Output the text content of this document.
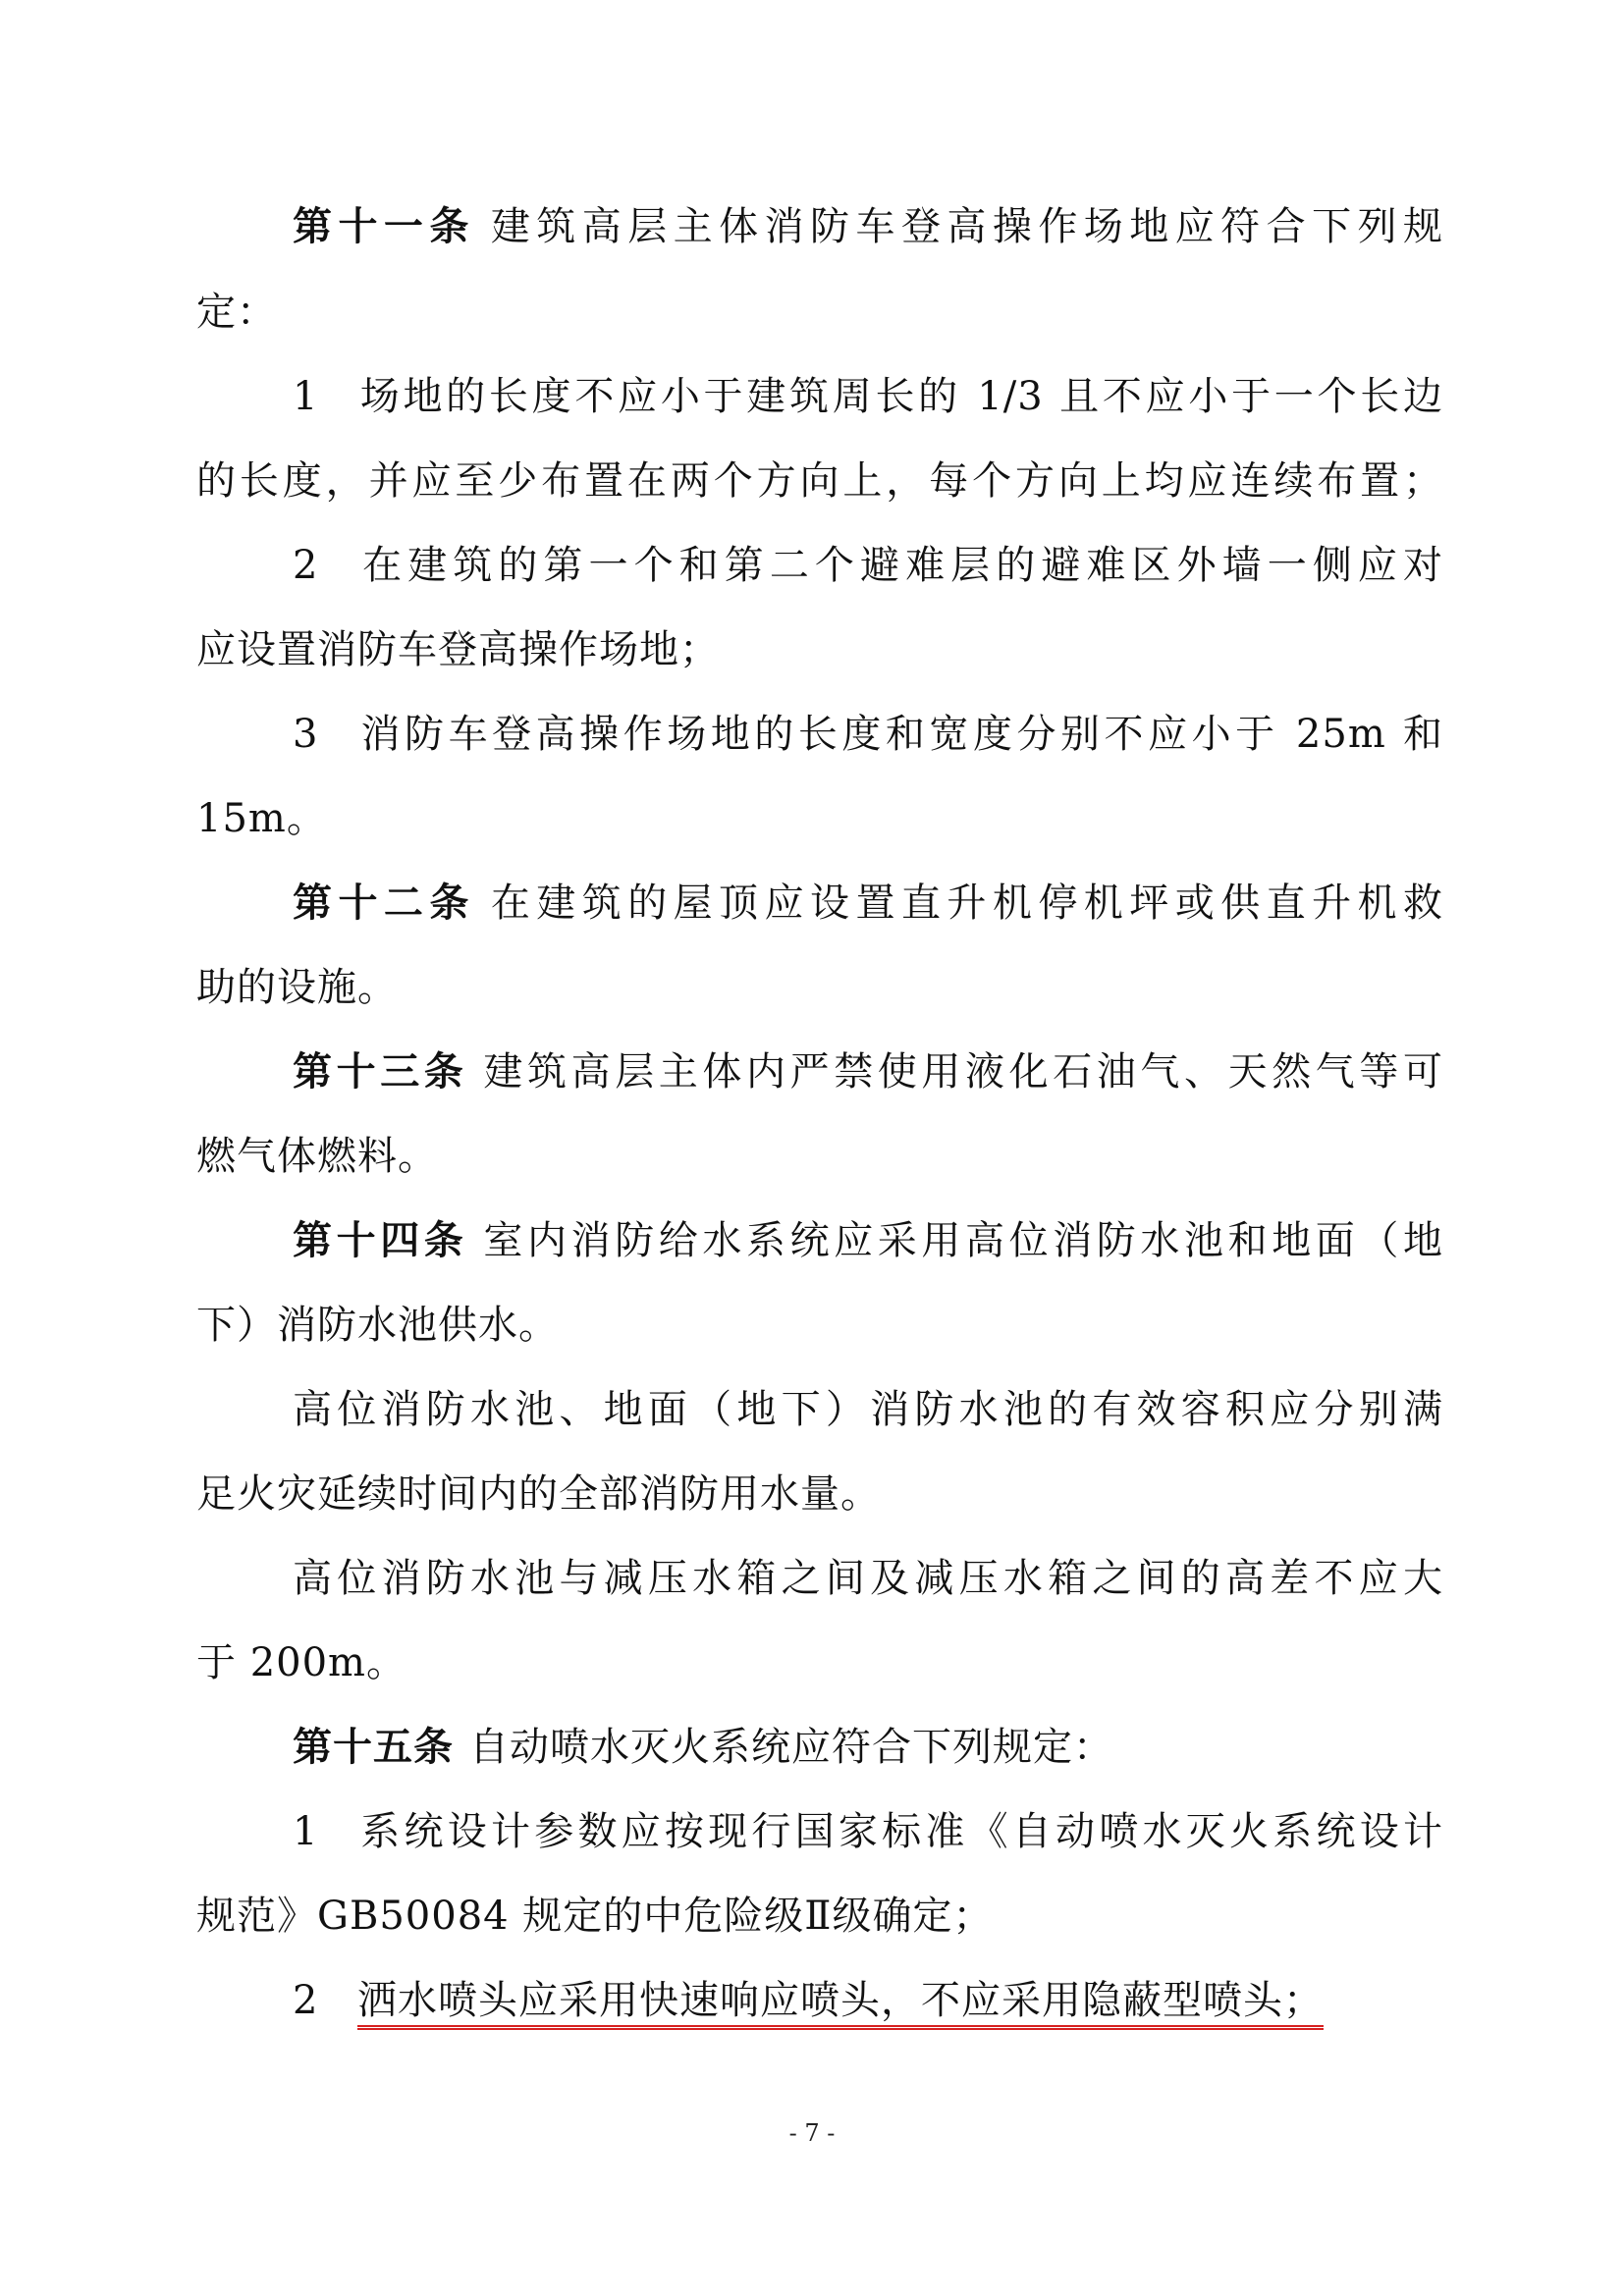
第十一条 建筑高层主体消防车登高操作场地应符合下列规
定：
1 场地的长度不应小于建筑周长的 1/3 且不应小于一个长边
的长度，并应至少布置在两个方向上，每个方向上均应连续布置；
2 在建筑的第一个和第二个避难层的避难区外墙一侧应对
应设置消防车登高操作场地；
3 消防车登高操作场地的长度和宽度分别不应小于 25m 和
15m。
第十二条 在建筑的屋顶应设置直升机停机坪或供直升机救
助的设施。
第十三条 建筑高层主体内严禁使用液化石油气、天然气等可
燃气体燃料。
第十四条 室内消防给水系统应采用高位消防水池和地面（地
下）消防水池供水。
高位消防水池、地面（地下）消防水池的有效容积应分别满
足火灾延续时间内的全部消防用水量。
高位消防水池与减压水箱之间及减压水箱之间的高差不应大
于 200m。
第十五条 自动喷水灭火系统应符合下列规定：
1 系统设计参数应按现行国家标准《自动喷水灭火系统设计
规范》GB50084 规定的中危险级Ⅱ级确定；
2 洒水喷头应采用快速响应喷头，不应采用隐蔽型喷头；
- 7 -
